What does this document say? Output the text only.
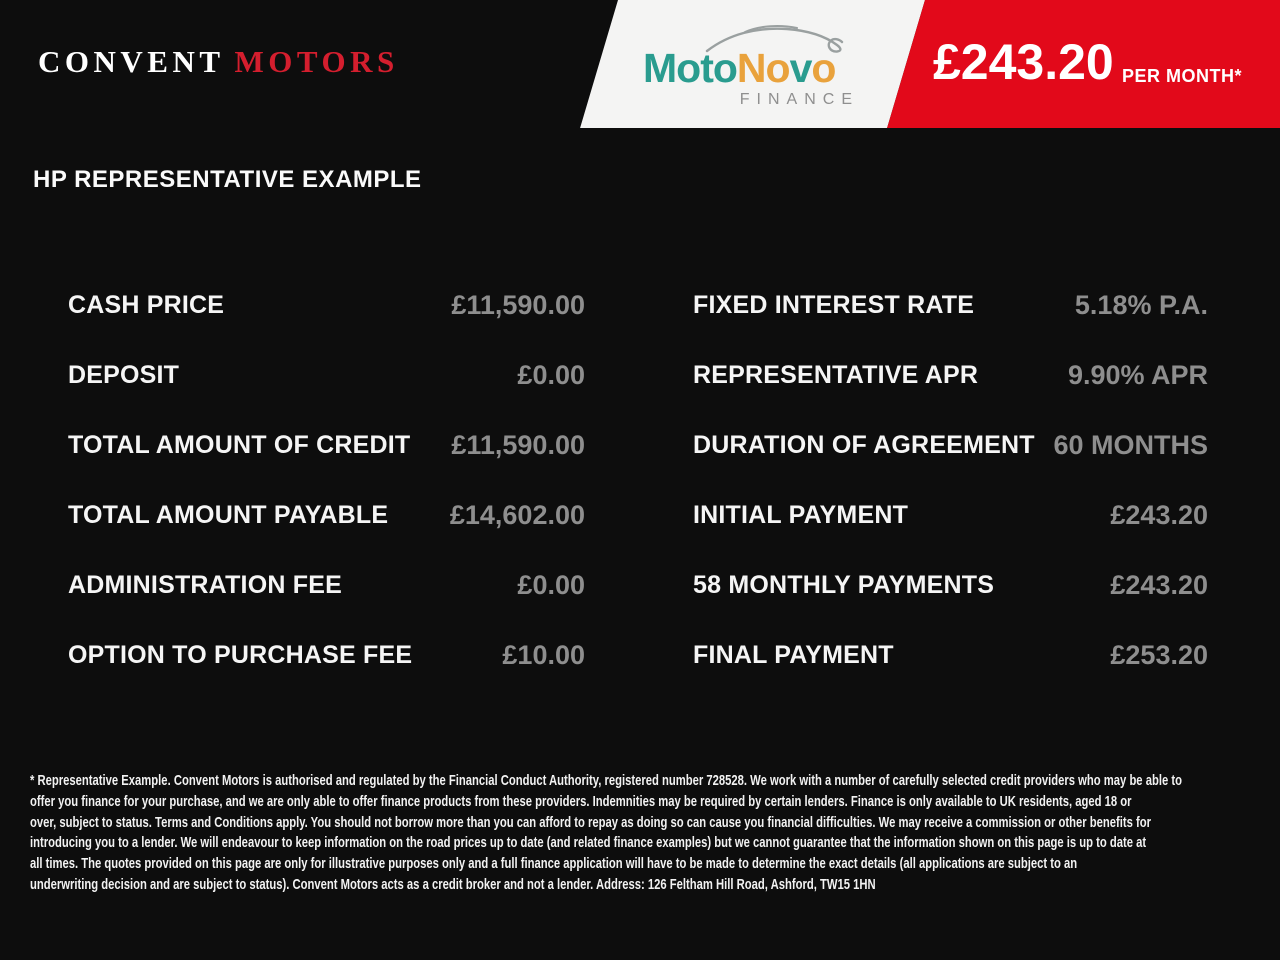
CONVENT MOTORS	MotoNovo
FINANCE
£243.20 PER MONTH*
HP REPRESENTATIVE EXAMPLE
CASH PRICE	£11,590.00
DEPOSIT	£0.00
TOTAL AMOUNT OF CREDIT £11,590.00
TOTAL AMOUNT PAYABLE £14,602.00
ADMINISTRATION FEE	£0.00
OPTION TO PURCHASE FEE	£10.00
FIXED INTEREST RATE	5.18% P.A.
REPRESENTATIVE APR	9.90% APR
DURATION OF AGREEMENT 60 MONTHS
INITIAL PAYMENT	£243.20
58 MONTHLY PAYMENTS	£243.20
FINAL PAYMENT	£253.20
* Representative Example. Convent Motors is authorised and regulated by the Financial Conduct Authority, registered number 728528. We work with a number of carefully selected credit providers who may be able to
offer you finance for your purchase, and we are only able to offer finance products from these providers. Indemnities may be required by certain lenders. Finance is only available to UK residents, aged 18 or
over, subject to status. Terms and Conditions apply. You should not borrow more than you can afford to repay as doing so can cause you financial difficulties. We may receive a commission or other benefits for
introducing you to a lender. We will endeavour to keep information on the road prices up to date (and related finance examples) but we cannot guarantee that the information shown on this page is up to date at
all times. The quotes provided on this page are only for illustrative purposes only and a full finance application will have to be made to determine the exact details (all applications are subject to an
underwriting decision and are subject to status). Convent Motors acts as a credit broker and not a lender. Address: 126 Feltham Hill Road, Ashford, TW15 1HN
